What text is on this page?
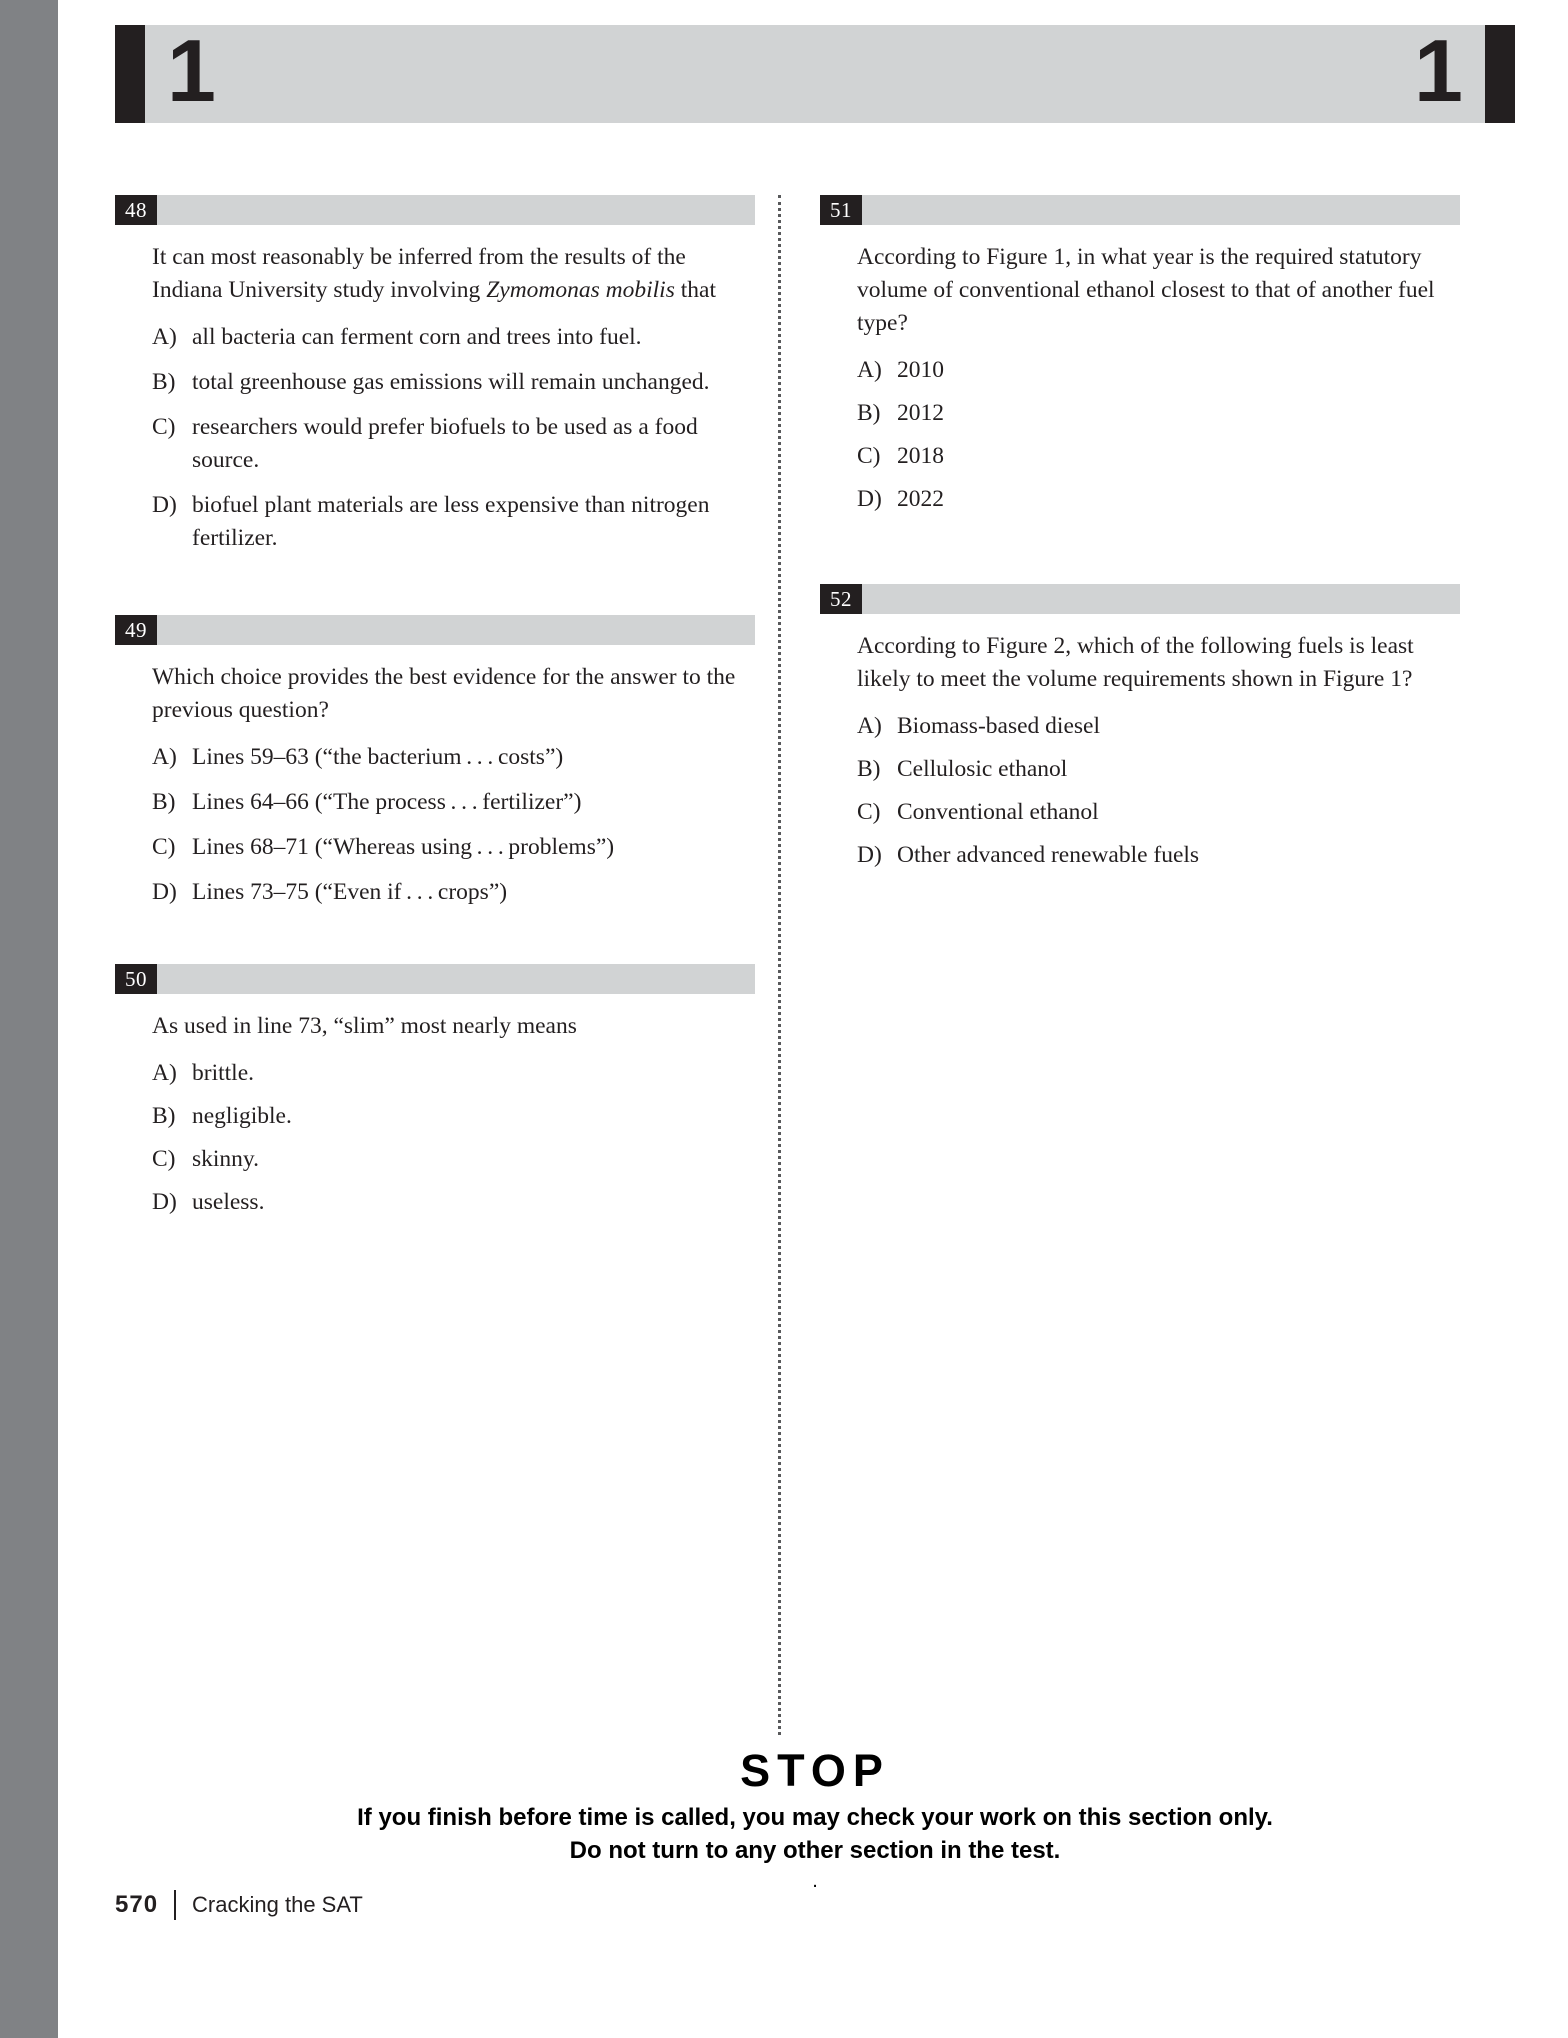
1	1
48
It can most reasonably be inferred from the results of the Indiana University study involving Zymomonas mobilis that
A) all bacteria can ferment corn and trees into fuel.
B) total greenhouse gas emissions will remain unchanged.
C) researchers would prefer biofuels to be used as a food source.
D) biofuel plant materials are less expensive than nitrogen fertilizer.
49
Which choice provides the best evidence for the answer to the previous question?
A) Lines 59–63 (“the bacterium . . . costs”)
B) Lines 64–66 (“The process . . . fertilizer”)
C) Lines 68–71 (“Whereas using . . . problems”)
D) Lines 73–75 (“Even if . . . crops”)
50
As used in line 73, “slim” most nearly means
A) brittle.
B) negligible.
C) skinny.
D) useless.
51
According to Figure 1, in what year is the required statutory volume of conventional ethanol closest to that of another fuel type?
A) 2010
B) 2012
C) 2018
D) 2022
52
According to Figure 2, which of the following fuels is least likely to meet the volume requirements shown in Figure 1?
A) Biomass-based diesel
B) Cellulosic ethanol
C) Conventional ethanol
D) Other advanced renewable fuels
STOP
If you finish before time is called, you may check your work on this section only.
Do not turn to any other section in the test.
.
570 Cracking the SAT
